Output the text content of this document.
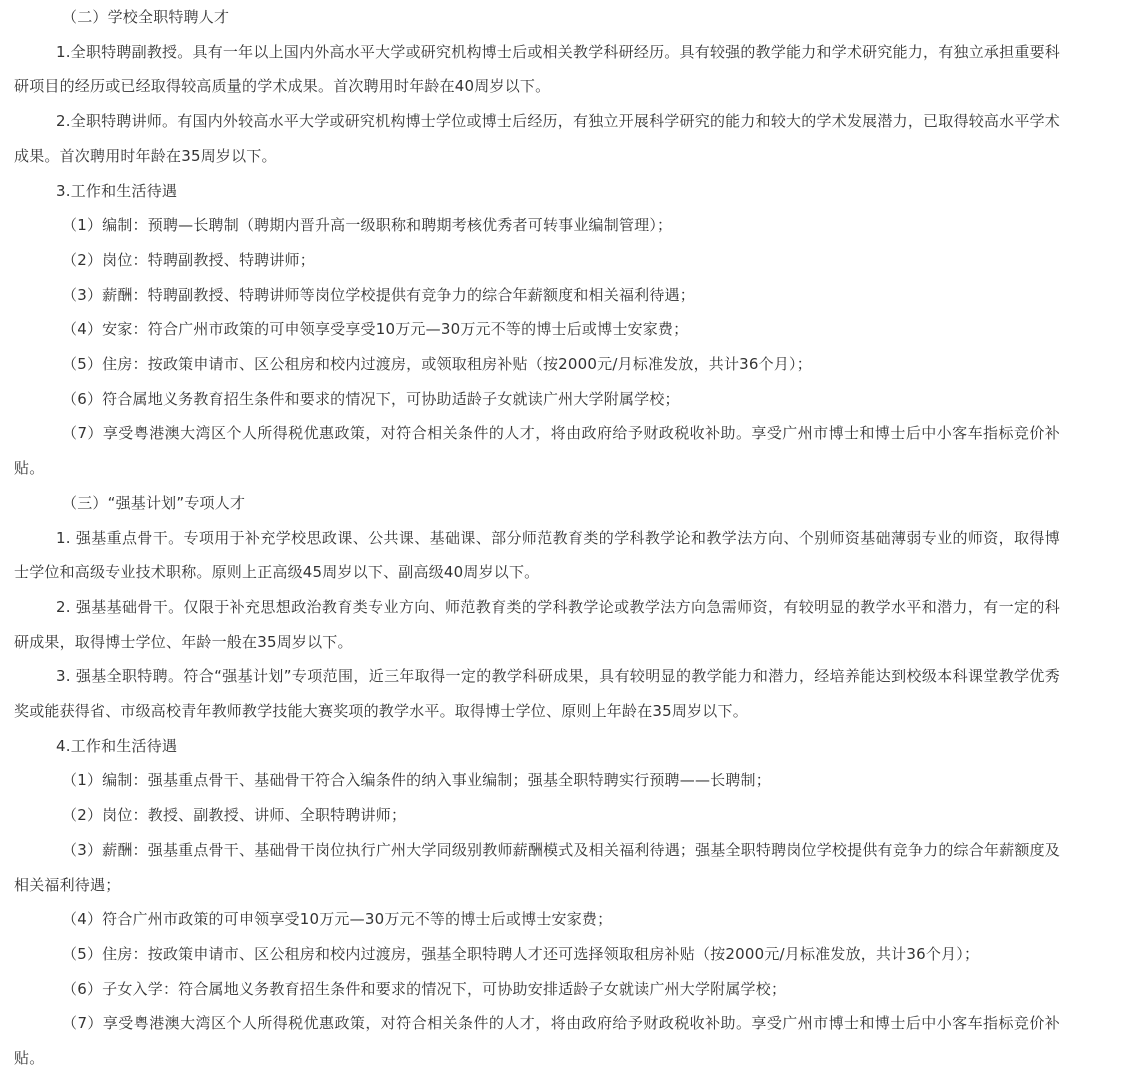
（二）学校全职特聘人才

1.全职特聘副教授。具有一年以上国内外高水平大学或研究机构博士后或相关教学科研经历。具有较强的教学能力和学术研究能力，有独立承担重要科研项目的经历或已经取得较高质量的学术成果。首次聘用时年龄在40周岁以下。

2.全职特聘讲师。有国内外较高水平大学或研究机构博士学位或博士后经历，有独立开展科学研究的能力和较大的学术发展潜力，已取得较高水平学术成果。首次聘用时年龄在35周岁以下。

3.工作和生活待遇

（1）编制：预聘—长聘制（聘期内晋升高一级职称和聘期考核优秀者可转事业编制管理）；

（2）岗位：特聘副教授、特聘讲师；

（3）薪酬：特聘副教授、特聘讲师等岗位学校提供有竞争力的综合年薪额度和相关福利待遇；

（4）安家：符合广州市政策的可申领享受享受10万元—30万元不等的博士后或博士安家费；

（5）住房：按政策申请市、区公租房和校内过渡房，或领取租房补贴（按2000元/月标准发放，共计36个月）；

（6）符合属地义务教育招生条件和要求的情况下，可协助适龄子女就读广州大学附属学校；

（7）享受粤港澳大湾区个人所得税优惠政策，对符合相关条件的人才，将由政府给予财政税收补助。享受广州市博士和博士后中小客车指标竞价补贴。

（三）“强基计划”专项人才

1. 强基重点骨干。专项用于补充学校思政课、公共课、基础课、部分师范教育类的学科教学论和教学法方向、个别师资基础薄弱专业的师资，取得博士学位和高级专业技术职称。原则上正高级45周岁以下、副高级40周岁以下。

2. 强基基础骨干。仅限于补充思想政治教育类专业方向、师范教育类的学科教学论或教学法方向急需师资，有较明显的教学水平和潜力，有一定的科研成果，取得博士学位、年龄一般在35周岁以下。

3. 强基全职特聘。符合“强基计划”专项范围，近三年取得一定的教学科研成果，具有较明显的教学能力和潜力，经培养能达到校级本科课堂教学优秀奖或能获得省、市级高校青年教师教学技能大赛奖项的教学水平。取得博士学位、原则上年龄在35周岁以下。

4.工作和生活待遇

（1）编制：强基重点骨干、基础骨干符合入编条件的纳入事业编制；强基全职特聘实行预聘——长聘制；

（2）岗位：教授、副教授、讲师、全职特聘讲师；

（3）薪酬：强基重点骨干、基础骨干岗位执行广州大学同级别教师薪酬模式及相关福利待遇；强基全职特聘岗位学校提供有竞争力的综合年薪额度及相关福利待遇；

（4）符合广州市政策的可申领享受10万元—30万元不等的博士后或博士安家费；

（5）住房：按政策申请市、区公租房和校内过渡房，强基全职特聘人才还可选择领取租房补贴（按2000元/月标准发放，共计36个月）；

（6）子女入学：符合属地义务教育招生条件和要求的情况下，可协助安排适龄子女就读广州大学附属学校；

（7）享受粤港澳大湾区个人所得税优惠政策，对符合相关条件的人才，将由政府给予财政税收补助。享受广州市博士和博士后中小客车指标竞价补贴。
